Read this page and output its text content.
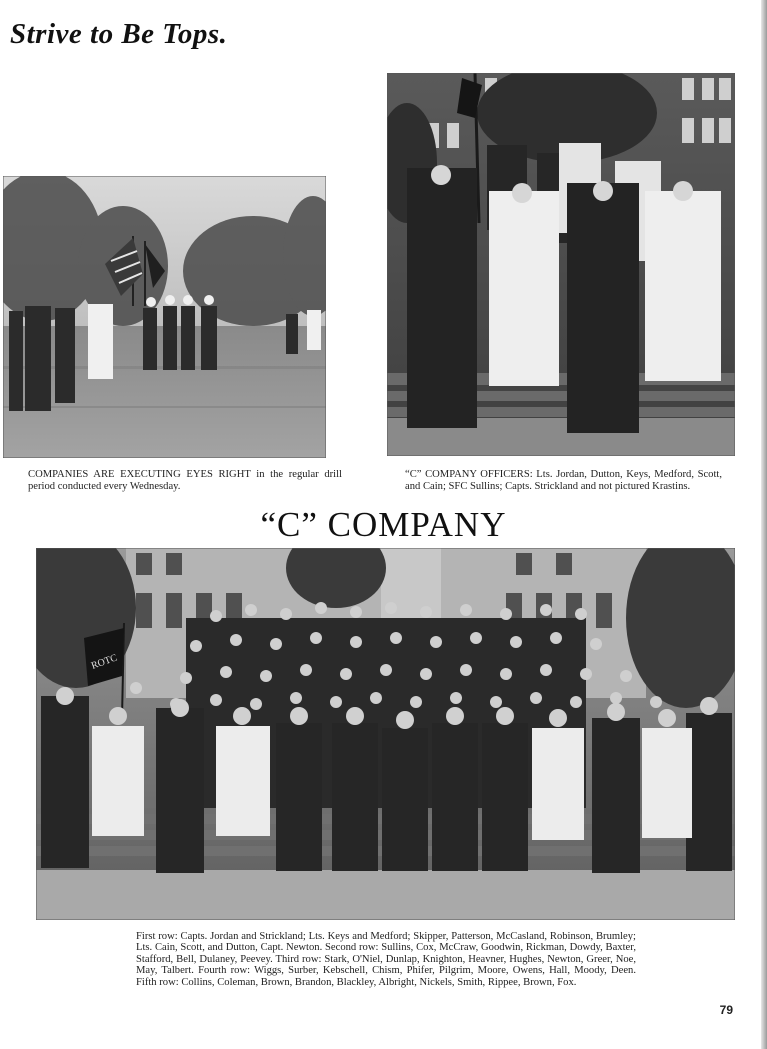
Strive to Be Tops.
COMPANIES ARE EXECUTING EYES RIGHT in the regular drill period conducted every Wednesday.
“C” COMPANY OFFICERS: Lts. Jordan, Dutton, Keys, Medford, Scott, and Cain; SFC Sullins; Capts. Strickland and not pictured Krastins.
“C” COMPANY
ROTC
First row: Capts. Jordan and Strickland; Lts. Keys and Medford; Skipper, Patterson, McCasland, Robinson, Brumley; Lts. Cain, Scott, and Dutton, Capt. Newton. Second row: Sullins, Cox, McCraw, Goodwin, Rickman, Dowdy, Baxter, Stafford, Bell, Dulaney, Peevey. Third row: Stark, O'Niel, Dunlap, Knighton, Heavner, Hughes, Newton, Greer, Noe, May, Talbert. Fourth row: Wiggs, Surber, Kebschell, Chism, Phifer, Pilgrim, Moore, Owens, Hall, Moody, Deen. Fifth row: Collins, Coleman, Brown, Brandon, Blackley, Albright, Nickels, Smith, Rippee, Brown, Fox.
79
